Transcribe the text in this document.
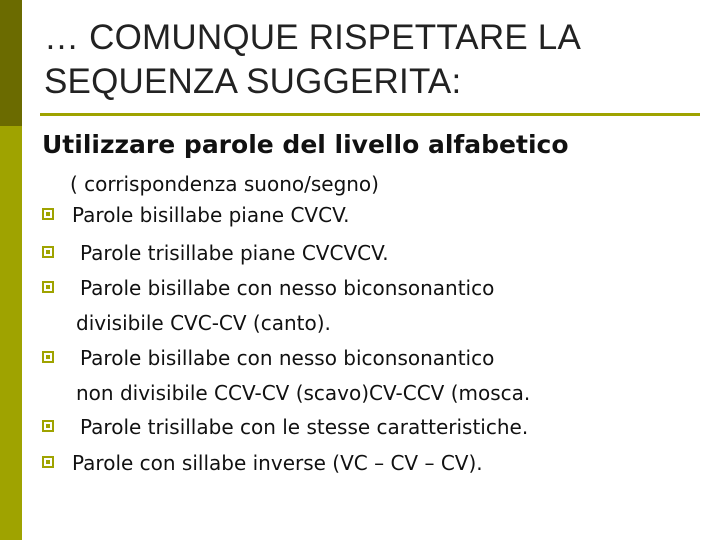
… COMUNQUE RISPETTARE LA
SEQUENZA SUGGERITA:
Utilizzare parole del livello alfabetico
( corrispondenza suono/segno)
Parole bisillabe piane CVCV.
Parole trisillabe piane CVCVCV.
Parole bisillabe con nesso biconsonantico
divisibile CVC-CV (canto).
Parole bisillabe con nesso biconsonantico
non divisibile CCV-CV (scavo)CV-CCV (mosca.
Parole trisillabe con le stesse caratteristiche.
Parole con sillabe inverse (VC – CV – CV).
